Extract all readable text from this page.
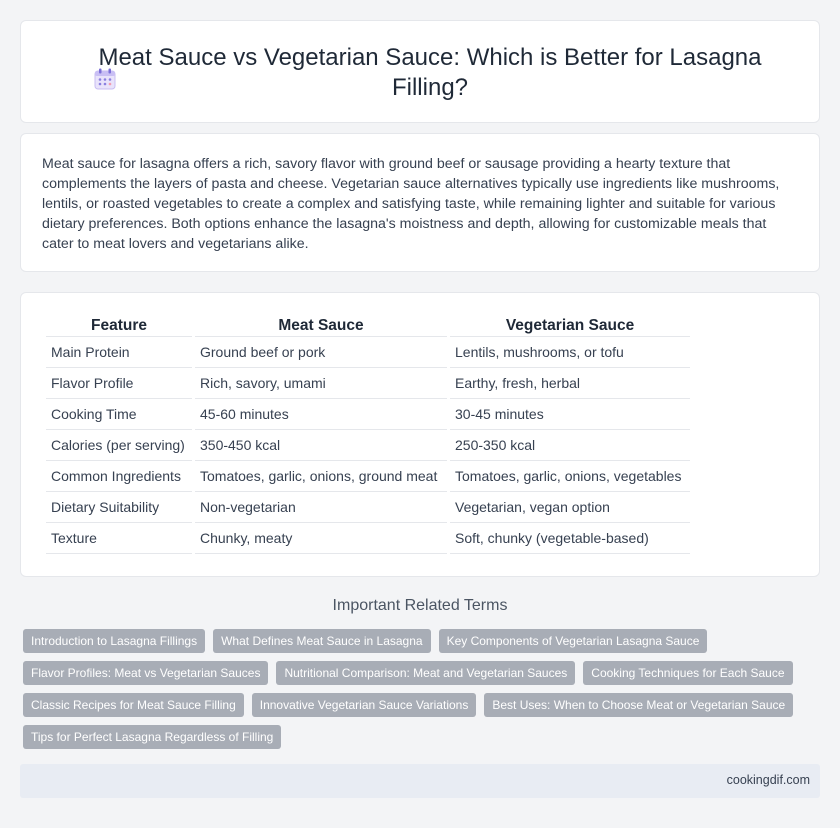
Meat Sauce vs Vegetarian Sauce: Which is Better for Lasagna Filling?

Meat sauce for lasagna offers a rich, savory flavor with ground beef or sausage providing a hearty texture that complements the layers of pasta and cheese. Vegetarian sauce alternatives typically use ingredients like mushrooms, lentils, or roasted vegetables to create a complex and satisfying taste, while remaining lighter and suitable for various dietary preferences. Both options enhance the lasagna's moistness and depth, allowing for customizable meals that cater to meat lovers and vegetarians alike.

Feature	Meat Sauce	Vegetarian Sauce
Main Protein	Ground beef or pork	Lentils, mushrooms, or tofu
Flavor Profile	Rich, savory, umami	Earthy, fresh, herbal
Cooking Time	45-60 minutes	30-45 minutes
Calories (per serving)	350-450 kcal	250-350 kcal
Common Ingredients	Tomatoes, garlic, onions, ground meat	Tomatoes, garlic, onions, vegetables
Dietary Suitability	Non-vegetarian	Vegetarian, vegan option
Texture	Chunky, meaty	Soft, chunky (vegetable-based)
Important Related Terms
Introduction to Lasagna Fillings	What Defines Meat Sauce in Lasagna	Key Components of Vegetarian Lasagna Sauce
Flavor Profiles: Meat vs Vegetarian Sauces	Nutritional Comparison: Meat and Vegetarian Sauces	Cooking Techniques for Each Sauce
Classic Recipes for Meat Sauce Filling	Innovative Vegetarian Sauce Variations	Best Uses: When to Choose Meat or Vegetarian Sauce
Tips for Perfect Lasagna Regardless of Filling
cookingdif.com
